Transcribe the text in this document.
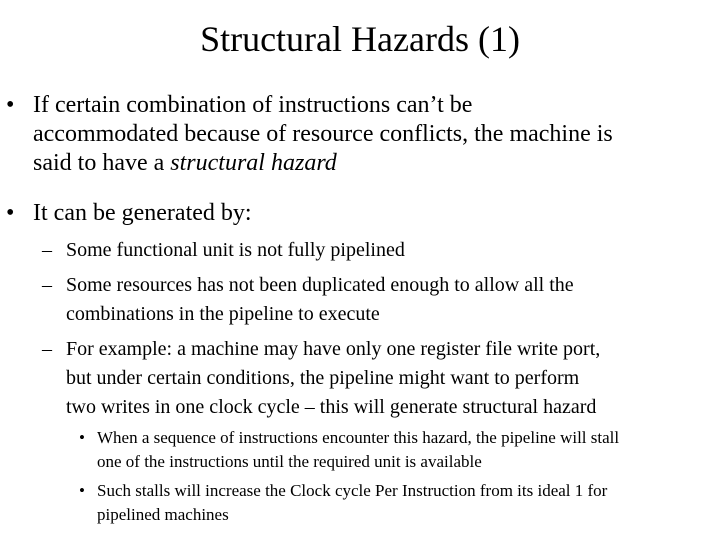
Structural Hazards (1)
• If certain combination of instructions can’t be
accommodated because of resource conflicts, the machine is
said to have a structural hazard
• It can be generated by:
– Some functional unit is not fully pipelined
– Some resources has not been duplicated enough to allow all the
combinations in the pipeline to execute
– For example: a machine may have only one register file write port,
but under certain conditions, the pipeline might want to perform
two writes in one clock cycle – this will generate structural hazard
• When a sequence of instructions encounter this hazard, the pipeline will stall
one of the instructions until the required unit is available
• Such stalls will increase the Clock cycle Per Instruction from its ideal 1 for
pipelined machines
